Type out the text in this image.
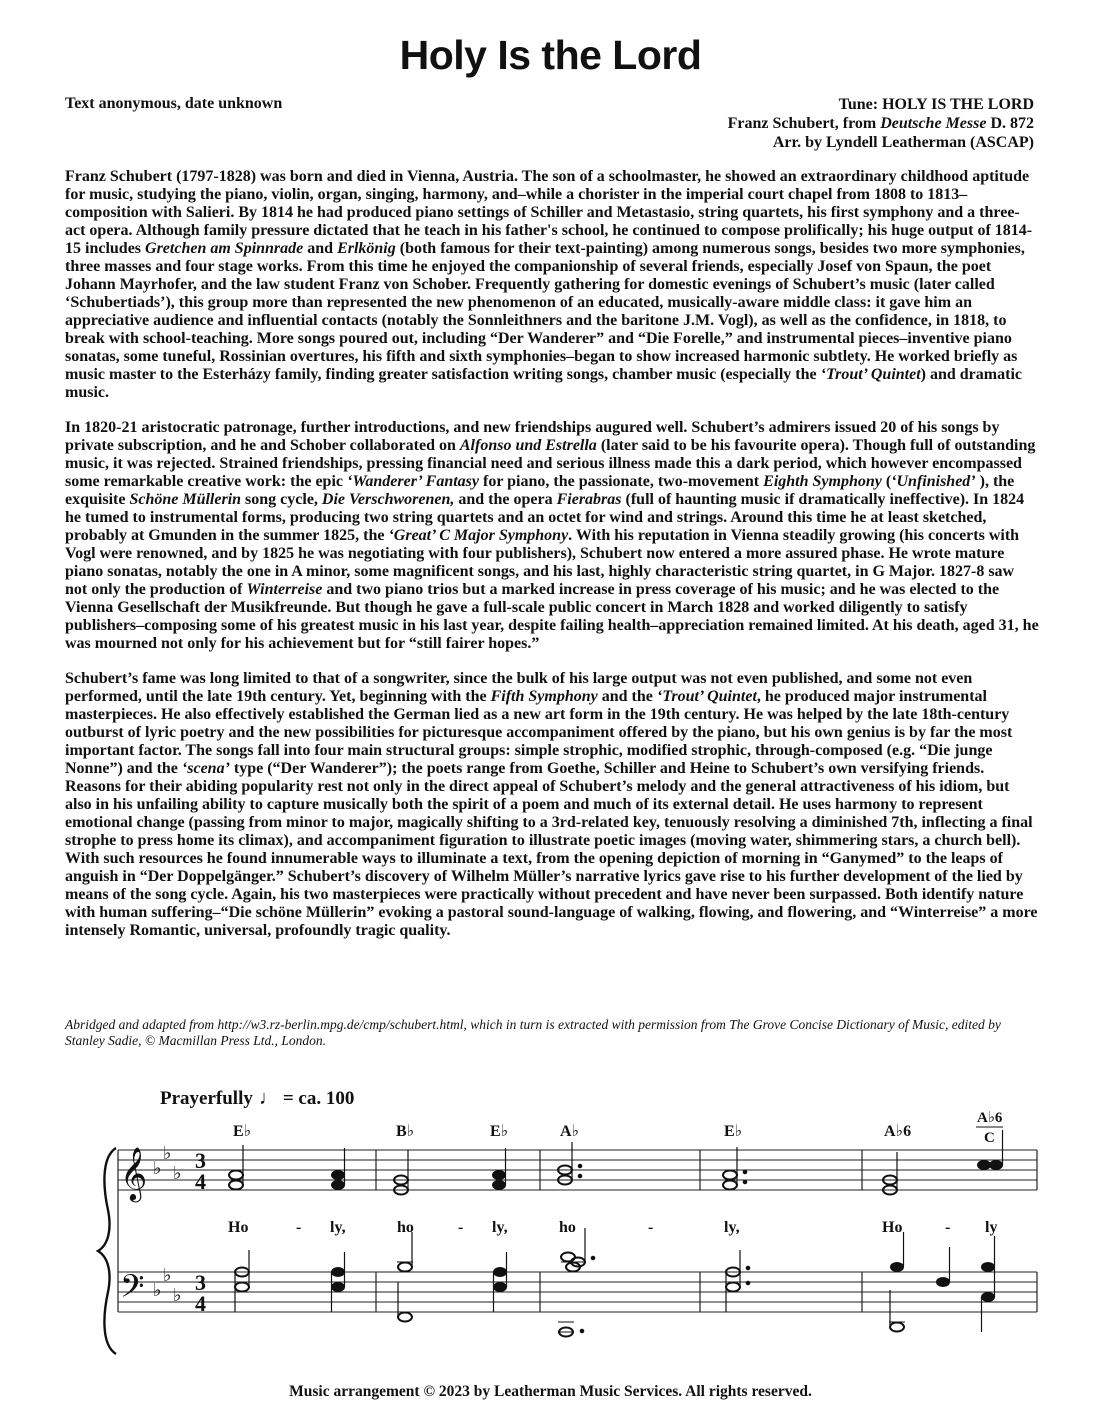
Holy Is the Lord
Text anonymous, date unknown	Tune: HOLY IS THE LORD
Franz Schubert, from Deutsche Messe D. 872
Arr. by Lyndell Leatherman (ASCAP)

Franz Schubert (1797-1828) was born and died in Vienna, Austria. The son of a schoolmaster, he showed an extraordinary childhood aptitude for music, studying the piano, violin, organ, singing, harmony, and–while a chorister in the imperial court chapel from 1808 to 1813–composition with Salieri. By 1814 he had produced piano settings of Schiller and Metastasio, string quartets, his first symphony and a three-act opera. Although family pressure dictated that he teach in his father's school, he continued to compose prolifically; his huge output of 1814-15 includes Gretchen am Spinnrade and Erlkönig (both famous for their text-painting) among numerous songs, besides two more symphonies, three masses and four stage works. From this time he enjoyed the companionship of several friends, especially Josef von Spaun, the poet Johann Mayrhofer, and the law student Franz von Schober. Frequently gathering for domestic evenings of Schubert’s music (later called ‘Schubertiads’), this group more than represented the new phenomenon of an educated, musically-aware middle class: it gave him an appreciative audience and influential contacts (notably the Sonnleithners and the baritone J.M. Vogl), as well as the confidence, in 1818, to break with school-teaching. More songs poured out, including “Der Wanderer” and “Die Forelle,” and instrumental pieces–inventive piano sonatas, some tuneful, Rossinian overtures, his fifth and sixth symphonies–began to show increased harmonic subtlety. He worked briefly as music master to the Esterházy family, finding greater satisfaction writing songs, chamber music (especially the ‘Trout’ Quintet) and dramatic music.

In 1820-21 aristocratic patronage, further introductions, and new friendships augured well. Schubert’s admirers issued 20 of his songs by private subscription, and he and Schober collaborated on Alfonso und Estrella (later said to be his favourite opera). Though full of outstanding music, it was rejected. Strained friendships, pressing financial need and serious illness made this a dark period, which however encompassed some remarkable creative work: the epic ‘Wanderer’ Fantasy for piano, the passionate, two-movement Eighth Symphony (‘Unfinished’ ), the exquisite Schöne Müllerin song cycle, Die Verschworenen, and the opera Fierabras (full of haunting music if dramatically ineffective). In 1824 he tumed to instrumental forms, producing two string quartets and an octet for wind and strings. Around this time he at least sketched, probably at Gmunden in the summer 1825, the ‘Great’ C Major Symphony. With his reputation in Vienna steadily growing (his concerts with Vogl were renowned, and by 1825 he was negotiating with four publishers), Schubert now entered a more assured phase. He wrote mature piano sonatas, notably the one in A minor, some magnificent songs, and his last, highly characteristic string quartet, in G Major. 1827-8 saw not only the production of Winterreise and two piano trios but a marked increase in press coverage of his music; and he was elected to the Vienna Gesellschaft der Musikfreunde. But though he gave a full-scale public concert in March 1828 and worked diligently to satisfy publishers–composing some of his greatest music in his last year, despite failing health–appreciation remained limited. At his death, aged 31, he was mourned not only for his achievement but for “still fairer hopes.”

Schubert’s fame was long limited to that of a songwriter, since the bulk of his large output was not even published, and some not even performed, until the late 19th century. Yet, beginning with the Fifth Symphony and the ‘Trout’ Quintet, he produced major instrumental masterpieces. He also effectively established the German lied as a new art form in the 19th century. He was helped by the late 18th-century outburst of lyric poetry and the new possibilities for picturesque accompaniment offered by the piano, but his own genius is by far the most important factor. The songs fall into four main structural groups: simple strophic, modified strophic, through-composed (e.g. “Die junge Nonne”) and the ‘scena’ type (“Der Wanderer”); the poets range from Goethe, Schiller and Heine to Schubert’s own versifying friends. Reasons for their abiding popularity rest not only in the direct appeal of Schubert’s melody and the general attractiveness of his idiom, but also in his unfailing ability to capture musically both the spirit of a poem and much of its external detail. He uses harmony to represent emotional change (passing from minor to major, magically shifting to a 3rd-related key, tenuously resolving a diminished 7th, inflecting a final strophe to press home its climax), and accompaniment figuration to illustrate poetic images (moving water, shimmering stars, a church bell). With such resources he found innumerable ways to illuminate a text, from the opening depiction of morning in “Ganymed” to the leaps of anguish in “Der Doppelgänger.” Schubert’s discovery of Wilhelm Müller’s narrative lyrics gave rise to his further development of the lied by means of the song cycle. Again, his two masterpieces were practically without precedent and have never been surpassed. Both identify nature with human suffering–“Die schöne Müllerin” evoking a pastoral sound-language of walking, flowing, and flowering, and “Winterreise” a more intensely Romantic, universal, profoundly tragic quality.

Abridged and adapted from http://w3.rz-berlin.mpg.de/cmp/schubert.html, which in turn is extracted with permission from The Grove Concise Dictionary of Music, edited by Stanley Sadie, © Macmillan Press Ltd., London.
Prayerfully ♩ = ca. 100
E♭	B♭	E♭	A♭	E♭	A♭6
A♭6
C
𝄞
𝄢
♭
♭
♭
♭
♭
♭
3
4
3
4
Ho	- ly,	ho	- ly,	ho	-	ly,	Ho	- ly
Music arrangement © 2023 by Leatherman Music Services. All rights reserved.
